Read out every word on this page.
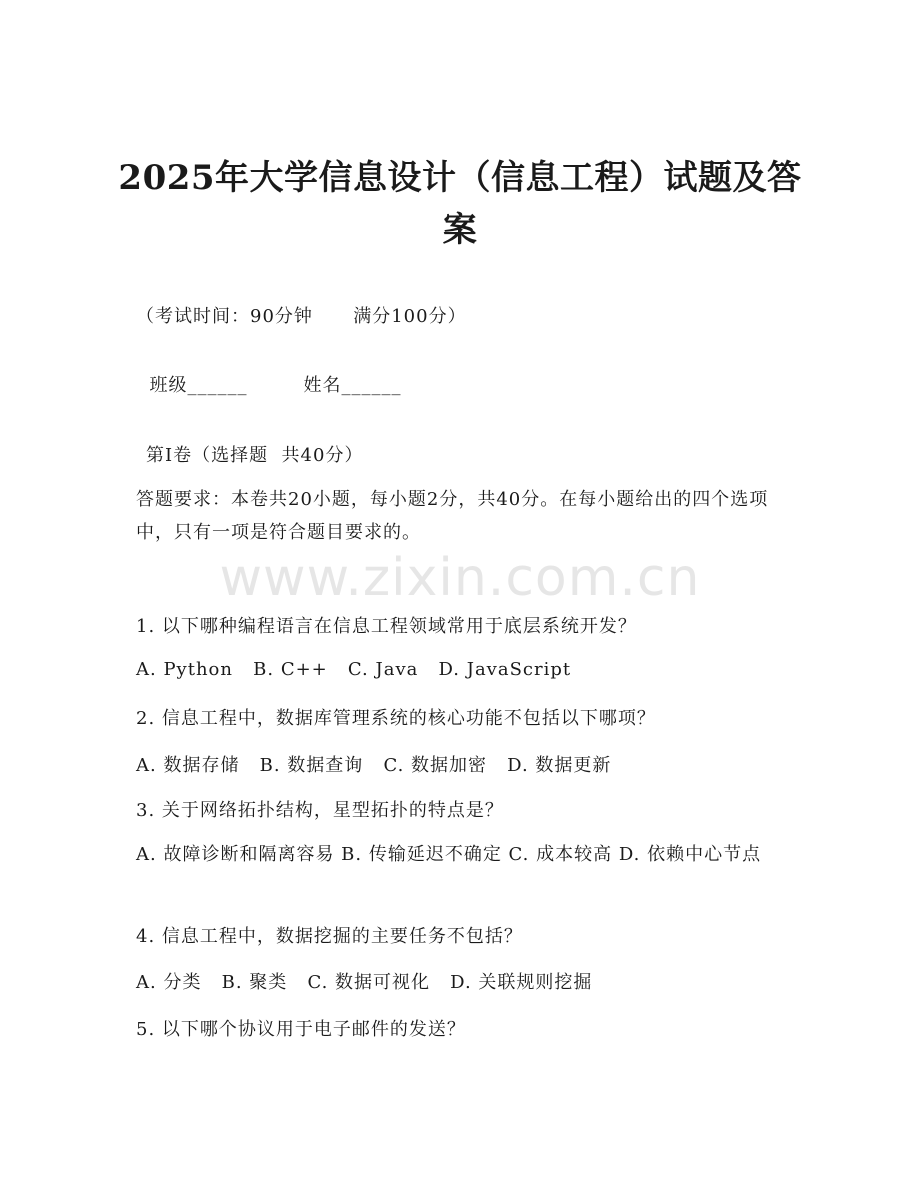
www.zixin.com.cn
2025年大学信息设计（信息工程）试题及答
案
（考试时间：90分钟      满分100分）

班级______	姓名______

第I卷（选择题  共40分）
答题要求：本卷共20小题，每小题2分，共40分。在每小题给出的四个选项中，只有一项是符合题目要求的。
1. 以下哪种编程语言在信息工程领域常用于底层系统开发？
A. Python   B. C++   C. Java   D. JavaScript
2. 信息工程中，数据库管理系统的核心功能不包括以下哪项？
A. 数据存储   B. 数据查询   C. 数据加密   D. 数据更新
3. 关于网络拓扑结构，星型拓扑的特点是？
A. 故障诊断和隔离容易 B. 传输延迟不确定 C. 成本较高 D. 依赖中心节点
4. 信息工程中，数据挖掘的主要任务不包括？
A. 分类   B. 聚类   C. 数据可视化   D. 关联规则挖掘
5. 以下哪个协议用于电子邮件的发送？
